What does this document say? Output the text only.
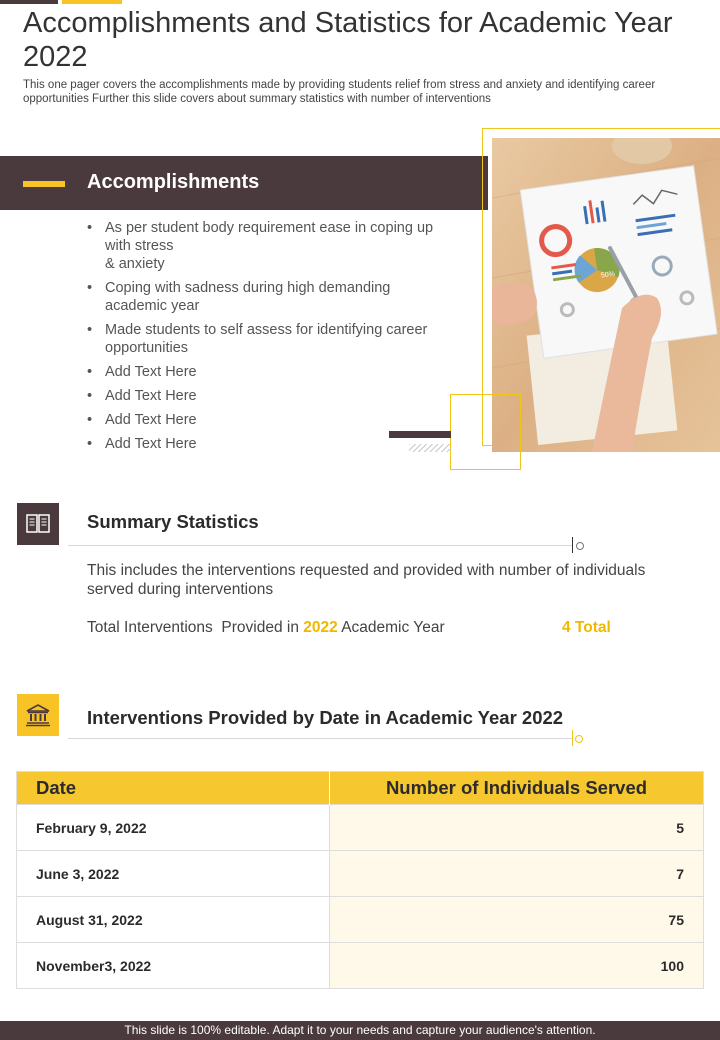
Accomplishments and Statistics for Academic Year 2022

This one pager covers the accomplishments made by providing students relief from stress and anxiety and identifying career opportunities Further this slide covers about summary statistics with number of interventions

Accomplishments
• As per student body requirement ease in coping up with stress
& anxiety
• Coping with sadness during high demanding academic year
• Made students to self assess for identifying career opportunities
• Add Text Here
• Add Text Here
• Add Text Here
• Add Text Here
50%
Summary Statistics

This includes the interventions requested and provided with number of individuals served during interventions

Total Interventions  Provided in 2022 Academic Year	4 Total
Interventions Provided by Date in Academic Year 2022
Date	Number of Individuals Served
February 9, 2022	5
June 3, 2022	7
August 31, 2022	75
November3, 2022	100
This slide is 100% editable. Adapt it to your needs and capture your audience's attention.
